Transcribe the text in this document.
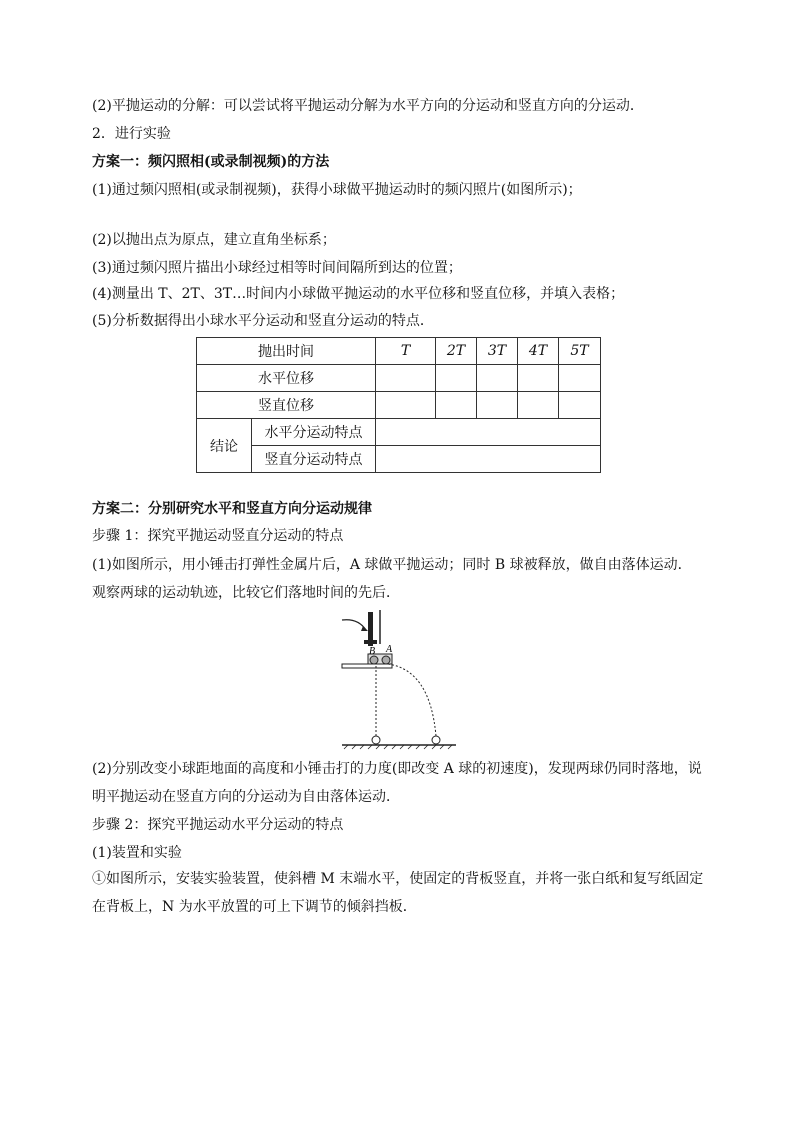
(2)平抛运动的分解：可以尝试将平抛运动分解为水平方向的分运动和竖直方向的分运动．
2．进行实验
方案一：频闪照相(或录制视频)的方法
(1)通过频闪照相(或录制视频)，获得小球做平抛运动时的频闪照片(如图所示)；
(2)以抛出点为原点，建立直角坐标系；
(3)通过频闪照片描出小球经过相等时间间隔所到达的位置；
(4)测量出 T、2T、3T…时间内小球做平抛运动的水平位移和竖直位移，并填入表格；
(5)分析数据得出小球水平分运动和竖直分运动的特点．
抛出时间		T	2T	3T	4T	5T
水平位移						
竖直位移						
结论	水平分运动特点					
	竖直分运动特点					
方案二：分别研究水平和竖直方向分运动规律
步骤 1：探究平抛运动竖直分运动的特点
(1)如图所示，用小锤击打弹性金属片后，A 球做平抛运动；同时 B 球被释放，做自由落体运动．观察两球的运动轨迹，比较它们落地时间的先后．
B A
(2)分别改变小球距地面的高度和小锤击打的力度(即改变 A 球的初速度)，发现两球仍同时落地，说明平抛运动在竖直方向的分运动为自由落体运动．
步骤 2：探究平抛运动水平分运动的特点
(1)装置和实验
①如图所示，安装实验装置，使斜槽 M 末端水平，使固定的背板竖直，并将一张白纸和复写纸固定在背板上，N 为水平放置的可上下调节的倾斜挡板．
